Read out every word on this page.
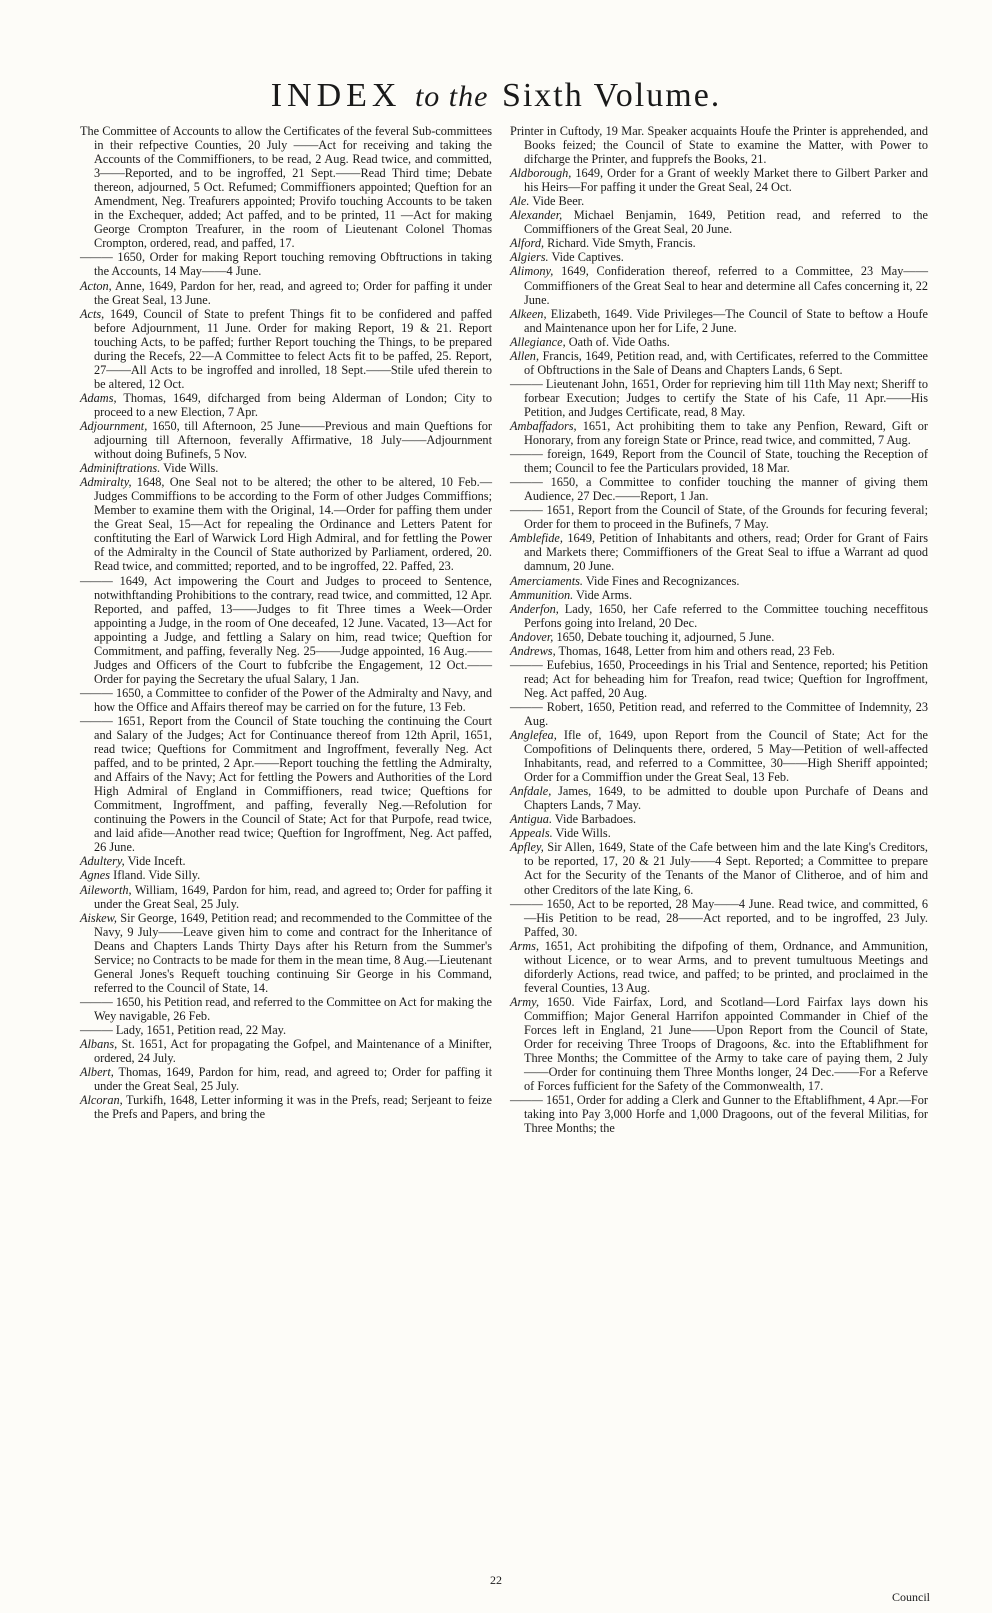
INDEX to the Sixth Volume.

The Committee of Accounts to allow the Certificates of the feveral Sub-committees in their refpective Counties, 20 July ——Act for receiving and taking the Accounts of the Commiffioners, to be read, 2 Aug. Read twice, and committed, 3——Reported, and to be ingroffed, 21 Sept.——Read Third time; Debate thereon, adjourned, 5 Oct. Refumed; Commiffioners appointed; Queftion for an Amendment, Neg. Treafurers appointed; Provifo touching Accounts to be taken in the Exchequer, added; Act paffed, and to be printed, 11 —Act for making George Crompton Treafurer, in the room of Lieutenant Colonel Thomas Crompton, ordered, read, and paffed, 17.

——— 1650, Order for making Report touching removing Obftructions in taking the Accounts, 14 May——4 June.

Acton, Anne, 1649, Pardon for her, read, and agreed to; Order for paffing it under the Great Seal, 13 June.

Acts, 1649, Council of State to prefent Things fit to be confidered and paffed before Adjournment, 11 June. Order for making Report, 19 & 21. Report touching Acts, to be paffed; further Report touching the Things, to be prepared during the Recefs, 22—A Committee to felect Acts fit to be paffed, 25. Report, 27——All Acts to be ingroffed and inrolled, 18 Sept.——Stile ufed therein to be altered, 12 Oct.

Adams, Thomas, 1649, difcharged from being Alderman of London; City to proceed to a new Election, 7 Apr.

Adjournment, 1650, till Afternoon, 25 June——Previous and main Queftions for adjourning till Afternoon, feverally Affirmative, 18 July——Adjournment without doing Bufinefs, 5 Nov.

Adminiftrations. Vide Wills.

Admiralty, 1648, One Seal not to be altered; the other to be altered, 10 Feb.—Judges Commiffions to be according to the Form of other Judges Commiffions; Member to examine them with the Original, 14.—Order for paffing them under the Great Seal, 15—Act for repealing the Ordinance and Letters Patent for conftituting the Earl of Warwick Lord High Admiral, and for fettling the Power of the Admiralty in the Council of State authorized by Parliament, ordered, 20. Read twice, and committed; reported, and to be ingroffed, 22. Paffed, 23.

——— 1649, Act impowering the Court and Judges to proceed to Sentence, notwithftanding Prohibitions to the contrary, read twice, and committed, 12 Apr. Reported, and paffed, 13——Judges to fit Three times a Week—Order appointing a Judge, in the room of One deceafed, 12 June. Vacated, 13—Act for appointing a Judge, and fettling a Salary on him, read twice; Queftion for Commitment, and paffing, feverally Neg. 25——Judge appointed, 16 Aug.——Judges and Officers of the Court to fubfcribe the Engagement, 12 Oct.——Order for paying the Secretary the ufual Salary, 1 Jan.

——— 1650, a Committee to confider of the Power of the Admiralty and Navy, and how the Office and Affairs thereof may be carried on for the future, 13 Feb.

——— 1651, Report from the Council of State touching the continuing the Court and Salary of the Judges; Act for Continuance thereof from 12th April, 1651, read twice; Queftions for Commitment and Ingroffment, feverally Neg. Act paffed, and to be printed, 2 Apr.——Report touching the fettling the Admiralty, and Affairs of the Navy; Act for fettling the Powers and Authorities of the Lord High Admiral of England in Commiffioners, read twice; Queftions for Commitment, Ingroffment, and paffing, feverally Neg.—Refolution for continuing the Powers in the Council of State; Act for that Purpofe, read twice, and laid afide—Another read twice; Queftion for Ingroffment, Neg. Act paffed, 26 June.

Adultery, Vide Inceft.

Agnes Ifland. Vide Silly.

Aileworth, William, 1649, Pardon for him, read, and agreed to; Order for paffing it under the Great Seal, 25 July.

Aiskew, Sir George, 1649, Petition read; and recommended to the Committee of the Navy, 9 July——Leave given him to come and contract for the Inheritance of Deans and Chapters Lands Thirty Days after his Return from the Summer's Service; no Contracts to be made for them in the mean time, 8 Aug.—Lieutenant General Jones's Requeft touching continuing Sir George in his Command, referred to the Council of State, 14.

——— 1650, his Petition read, and referred to the Committee on Act for making the Wey navigable, 26 Feb.

——— Lady, 1651, Petition read, 22 May.

Albans, St. 1651, Act for propagating the Gofpel, and Maintenance of a Minifter, ordered, 24 July.

Albert, Thomas, 1649, Pardon for him, read, and agreed to; Order for paffing it under the Great Seal, 25 July.

Alcoran, Turkifh, 1648, Letter informing it was in the Prefs, read; Serjeant to feize the Prefs and Papers, and bring the

Printer in Cuftody, 19 Mar. Speaker acquaints Houfe the Printer is apprehended, and Books feized; the Council of State to examine the Matter, with Power to difcharge the Printer, and fupprefs the Books, 21.

Aldborough, 1649, Order for a Grant of weekly Market there to Gilbert Parker and his Heirs—For paffing it under the Great Seal, 24 Oct.

Ale. Vide Beer.

Alexander, Michael Benjamin, 1649, Petition read, and referred to the Commiffioners of the Great Seal, 20 June.

Alford, Richard. Vide Smyth, Francis.

Algiers. Vide Captives.

Alimony, 1649, Confideration thereof, referred to a Committee, 23 May——Commiffioners of the Great Seal to hear and determine all Cafes concerning it, 22 June.

Alkeen, Elizabeth, 1649. Vide Privileges—The Council of State to beftow a Houfe and Maintenance upon her for Life, 2 June.

Allegiance, Oath of. Vide Oaths.

Allen, Francis, 1649, Petition read, and, with Certificates, referred to the Committee of Obftructions in the Sale of Deans and Chapters Lands, 6 Sept.

——— Lieutenant John, 1651, Order for reprieving him till 11th May next; Sheriff to forbear Execution; Judges to certify the State of his Cafe, 11 Apr.——His Petition, and Judges Certificate, read, 8 May.

Ambaffadors, 1651, Act prohibiting them to take any Penfion, Reward, Gift or Honorary, from any foreign State or Prince, read twice, and committed, 7 Aug.

——— foreign, 1649, Report from the Council of State, touching the Reception of them; Council to fee the Particulars provided, 18 Mar.

——— 1650, a Committee to confider touching the manner of giving them Audience, 27 Dec.——Report, 1 Jan.

——— 1651, Report from the Council of State, of the Grounds for fecuring feveral; Order for them to proceed in the Bufinefs, 7 May.

Amblefide, 1649, Petition of Inhabitants and others, read; Order for Grant of Fairs and Markets there; Commiffioners of the Great Seal to iffue a Warrant ad quod damnum, 20 June.

Amerciaments. Vide Fines and Recognizances.

Ammunition. Vide Arms.

Anderfon, Lady, 1650, her Cafe referred to the Committee touching neceffitous Perfons going into Ireland, 20 Dec.

Andover, 1650, Debate touching it, adjourned, 5 June.

Andrews, Thomas, 1648, Letter from him and others read, 23 Feb.

——— Eufebius, 1650, Proceedings in his Trial and Sentence, reported; his Petition read; Act for beheading him for Treafon, read twice; Queftion for Ingroffment, Neg. Act paffed, 20 Aug.

——— Robert, 1650, Petition read, and referred to the Committee of Indemnity, 23 Aug.

Anglefea, Ifle of, 1649, upon Report from the Council of State; Act for the Compofitions of Delinquents there, ordered, 5 May—Petition of well-affected Inhabitants, read, and referred to a Committee, 30——High Sheriff appointed; Order for a Commiffion under the Great Seal, 13 Feb.

Anfdale, James, 1649, to be admitted to double upon Purchafe of Deans and Chapters Lands, 7 May.

Antigua. Vide Barbadoes.

Appeals. Vide Wills.

Apfley, Sir Allen, 1649, State of the Cafe between him and the late King's Creditors, to be reported, 17, 20 & 21 July——4 Sept. Reported; a Committee to prepare Act for the Security of the Tenants of the Manor of Clitheroe, and of him and other Creditors of the late King, 6.

——— 1650, Act to be reported, 28 May——4 June. Read twice, and committed, 6—His Petition to be read, 28——Act reported, and to be ingroffed, 23 July. Paffed, 30.

Arms, 1651, Act prohibiting the difpofing of them, Ordnance, and Ammunition, without Licence, or to wear Arms, and to prevent tumultuous Meetings and diforderly Actions, read twice, and paffed; to be printed, and proclaimed in the feveral Counties, 13 Aug.

Army, 1650. Vide Fairfax, Lord, and Scotland—Lord Fairfax lays down his Commiffion; Major General Harrifon appointed Commander in Chief of the Forces left in England, 21 June——Upon Report from the Council of State, Order for receiving Three Troops of Dragoons, &c. into the Eftablifhment for Three Months; the Committee of the Army to take care of paying them, 2 July——Order for continuing them Three Months longer, 24 Dec.——For a Referve of Forces fufficient for the Safety of the Commonwealth, 17.

——— 1651, Order for adding a Clerk and Gunner to the Eftablifhment, 4 Apr.—For taking into Pay 3,000 Horfe and 1,000 Dragoons, out of the feveral Militias, for Three Months; the

22
Council
